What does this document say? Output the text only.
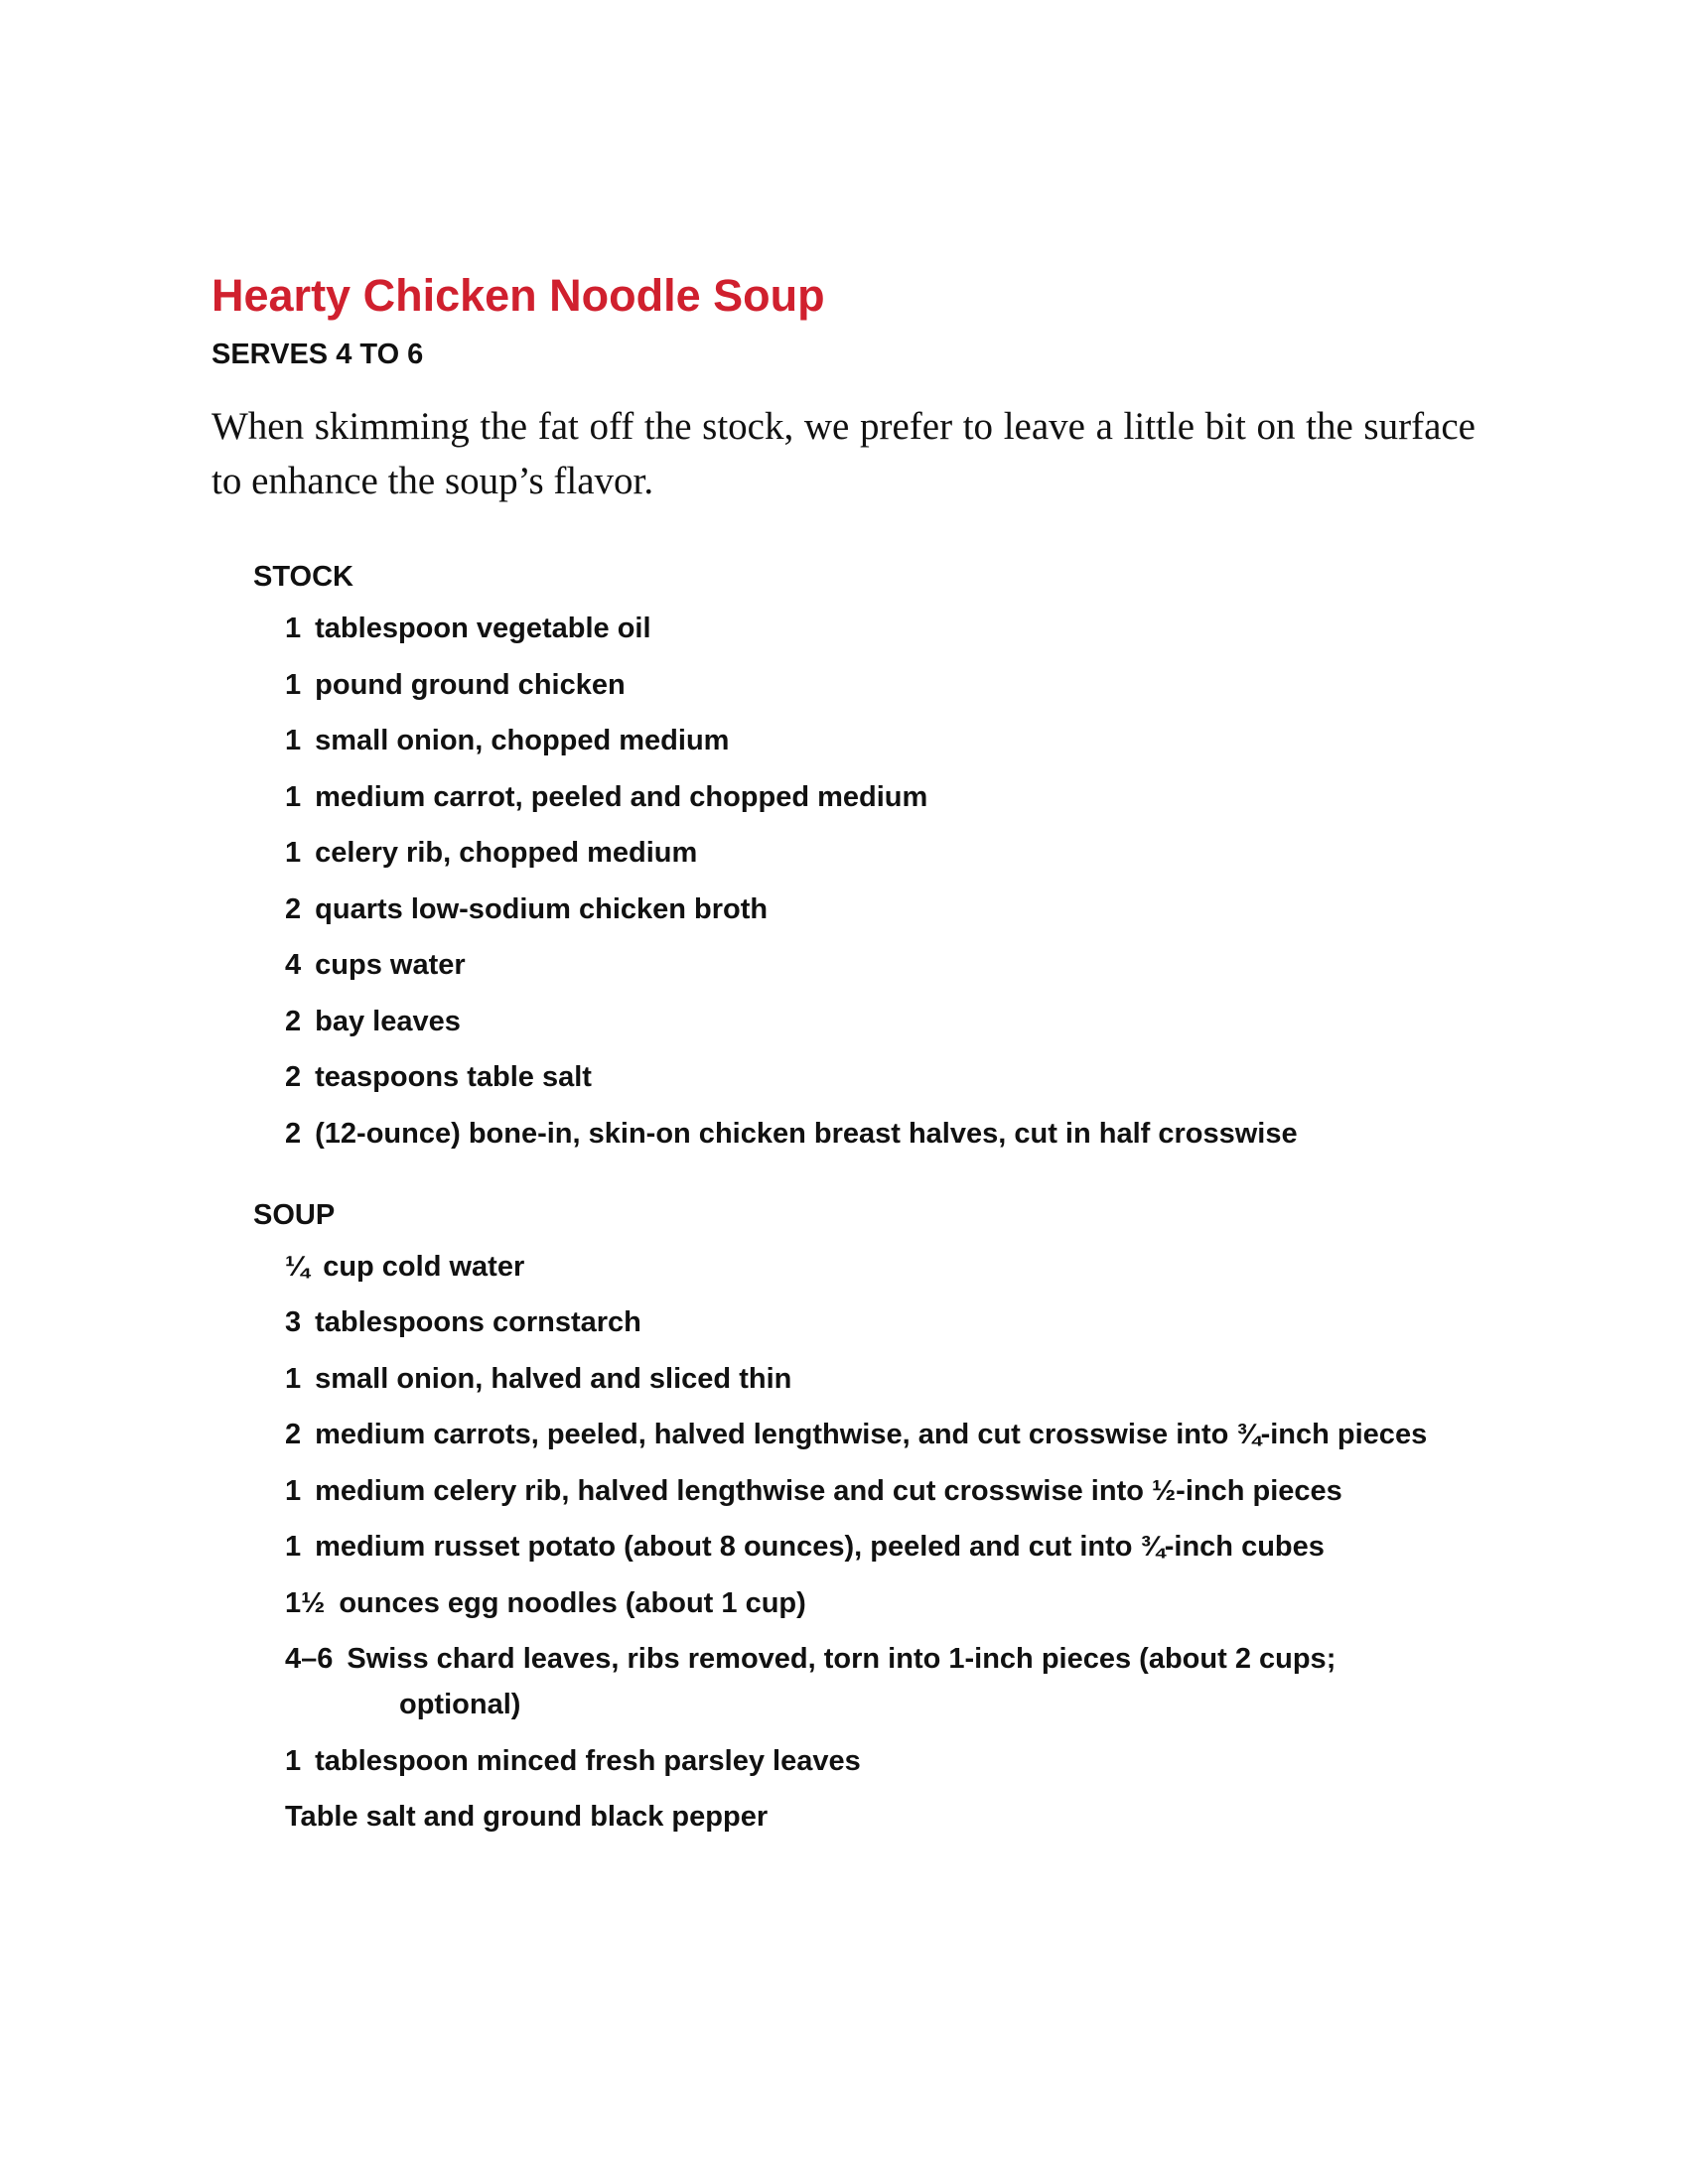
Hearty Chicken Noodle Soup
SERVES 4 TO 6

When skimming the fat off the stock, we prefer to leave a little bit on the surface to enhance the soup’s flavor.

STOCK
1 tablespoon vegetable oil
1 pound ground chicken
1 small onion, chopped medium
1 medium carrot, peeled and chopped medium
1 celery rib, chopped medium
2 quarts low-sodium chicken broth
4 cups water
2 bay leaves
2 teaspoons table salt
2 (12-ounce) bone-in, skin-on chicken breast halves, cut in half crosswise
SOUP
¼ cup cold water
3 tablespoons cornstarch
1 small onion, halved and sliced thin
2 medium carrots, peeled, halved lengthwise, and cut crosswise into ¾-inch pieces
1 medium celery rib, halved lengthwise and cut crosswise into ½-inch pieces
1 medium russet potato (about 8 ounces), peeled and cut into ¾-inch cubes
1½ ounces egg noodles (about 1 cup)
4–6 Swiss chard leaves, ribs removed, torn into 1-inch pieces (about 2 cups; optional)
1 tablespoon minced fresh parsley leaves
Table salt and ground black pepper
